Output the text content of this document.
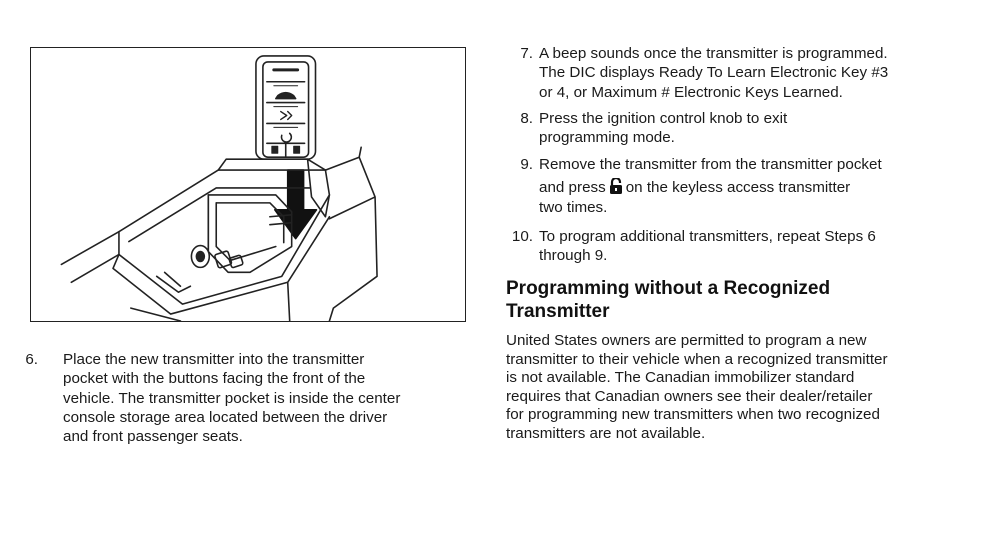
6. Place the new transmitter into the transmitter
pocket with the buttons facing the front of the
vehicle. The transmitter pocket is inside the center
console storage area located between the driver
and front passenger seats.
7. A beep sounds once the transmitter is programmed.
The DIC displays Ready To Learn Electronic Key #3
or 4, or Maximum # Electronic Keys Learned.
8. Press the ignition control knob to exit
programming mode.
9. Remove the transmitter from the transmitter pocket
and press on the keyless access transmitter
two times.
10. To program additional transmitters, repeat Steps 6
through 9.
Programming without a Recognized
Transmitter
United States owners are permitted to program a new
transmitter to their vehicle when a recognized transmitter
is not available. The Canadian immobilizer standard
requires that Canadian owners see their dealer/retailer
for programming new transmitters when two recognized
transmitters are not available.
